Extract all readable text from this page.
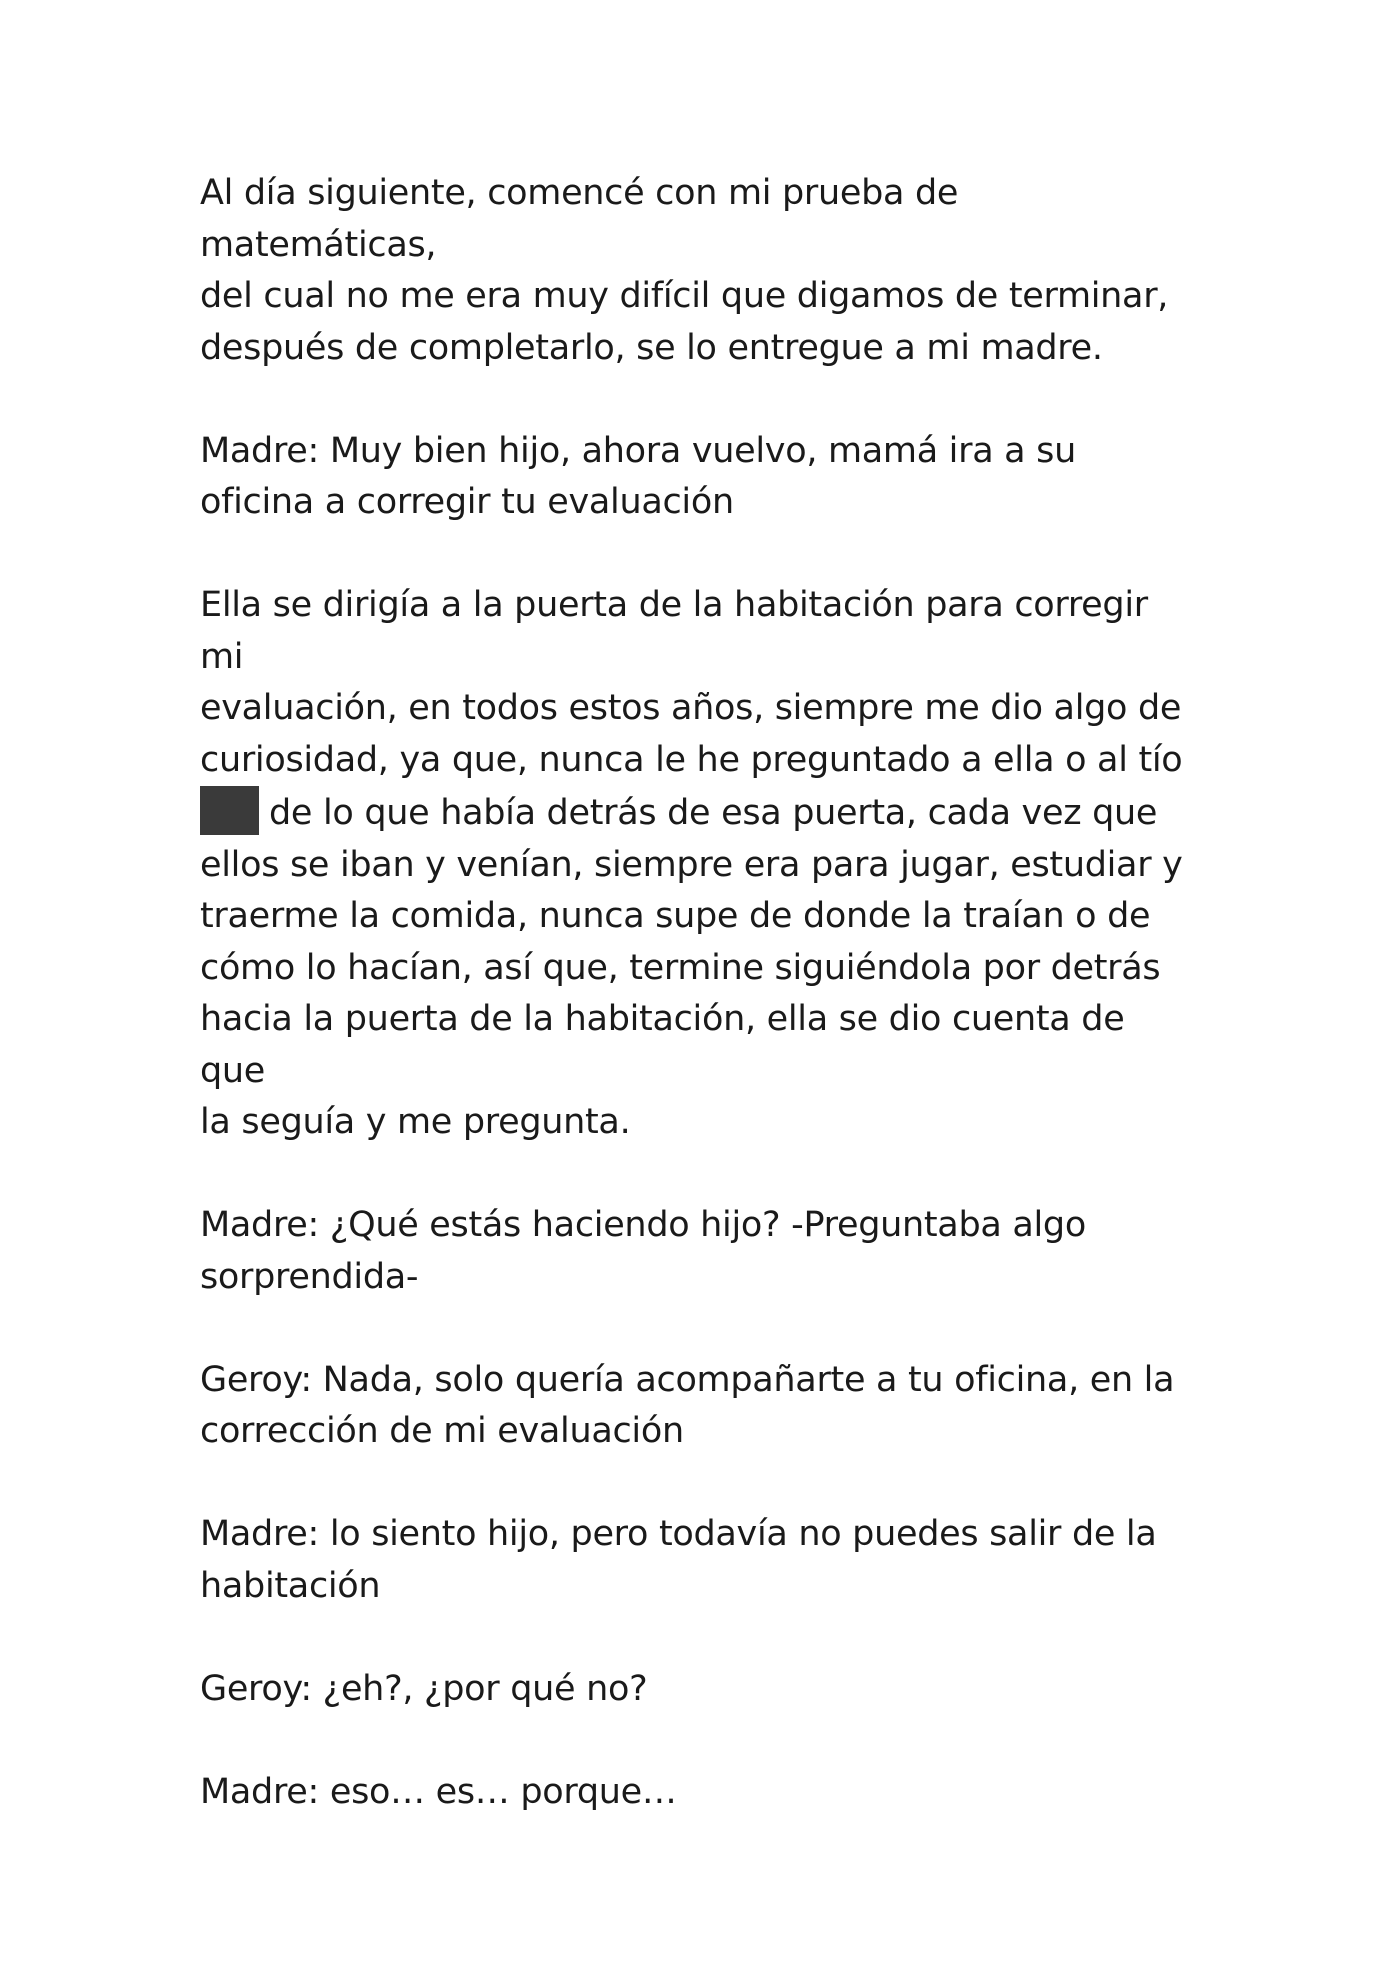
Al día siguiente, comencé con mi prueba de matemáticas,
del cual no me era muy difícil que digamos de terminar,
después de completarlo, se lo entregue a mi madre.

Madre: Muy bien hijo, ahora vuelvo, mamá ira a su
oficina a corregir tu evaluación

Ella se dirigía a la puerta de la habitación para corregir mi
evaluación, en todos estos años, siempre me dio algo de
curiosidad, ya que, nunca le he preguntado a ella o al tío
de lo que había detrás de esa puerta, cada vez que
ellos se iban y venían, siempre era para jugar, estudiar y
traerme la comida, nunca supe de donde la traían o de
cómo lo hacían, así que, termine siguiéndola por detrás
hacia la puerta de la habitación, ella se dio cuenta de que
la seguía y me pregunta.

Madre: ¿Qué estás haciendo hijo? -Preguntaba algo
sorprendida-

Geroy: Nada, solo quería acompañarte a tu oficina, en la
corrección de mi evaluación

Madre: lo siento hijo, pero todavía no puedes salir de la
habitación

Geroy: ¿eh?, ¿por qué no?

Madre: eso… es… porque…
